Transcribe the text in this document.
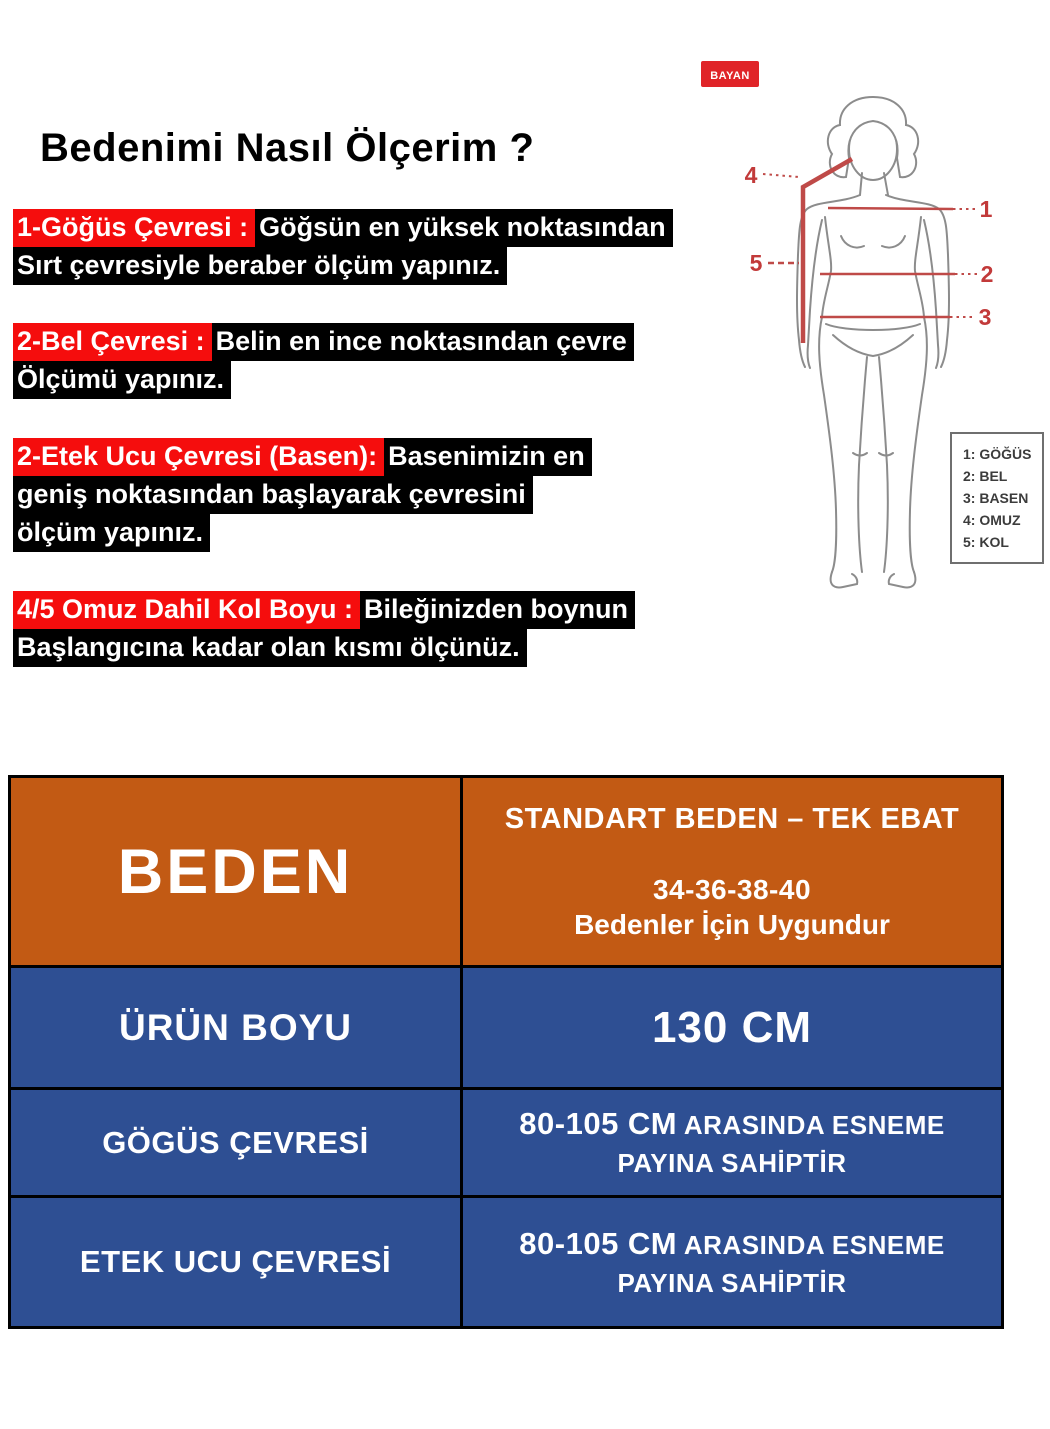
Bedenimi Nasıl Ölçerim ?
1-Göğüs Çevresi : Göğsün en yüksek noktasından
Sırt çevresiyle beraber ölçüm yapınız.
2-Bel Çevresi : Belin en ince noktasından çevre
Ölçümü yapınız.
2-Etek Ucu Çevresi (Basen): Basenimizin en
geniş noktasından başlayarak çevresini
ölçüm yapınız.
4/5 Omuz Dahil Kol Boyu : Bileğinizden boynun
Başlangıcına kadar olan kısmı ölçünüz.
BAYAN
4
5
1
2
3
1: GÖĞÜS
2: BEL
3: BASEN
4: OMUZ
5: KOL
BEDEN
STANDART BEDEN – TEK EBAT
34-36-38-40
Bedenler İçin Uygundur
ÜRÜN BOYU	130 CM
GÖGÜS ÇEVRESİ
80-105 CM ARASINDA ESNEME
PAYINA SAHİPTİR
ETEK UCU ÇEVRESİ
80-105 CM ARASINDA ESNEME
PAYINA SAHİPTİR
